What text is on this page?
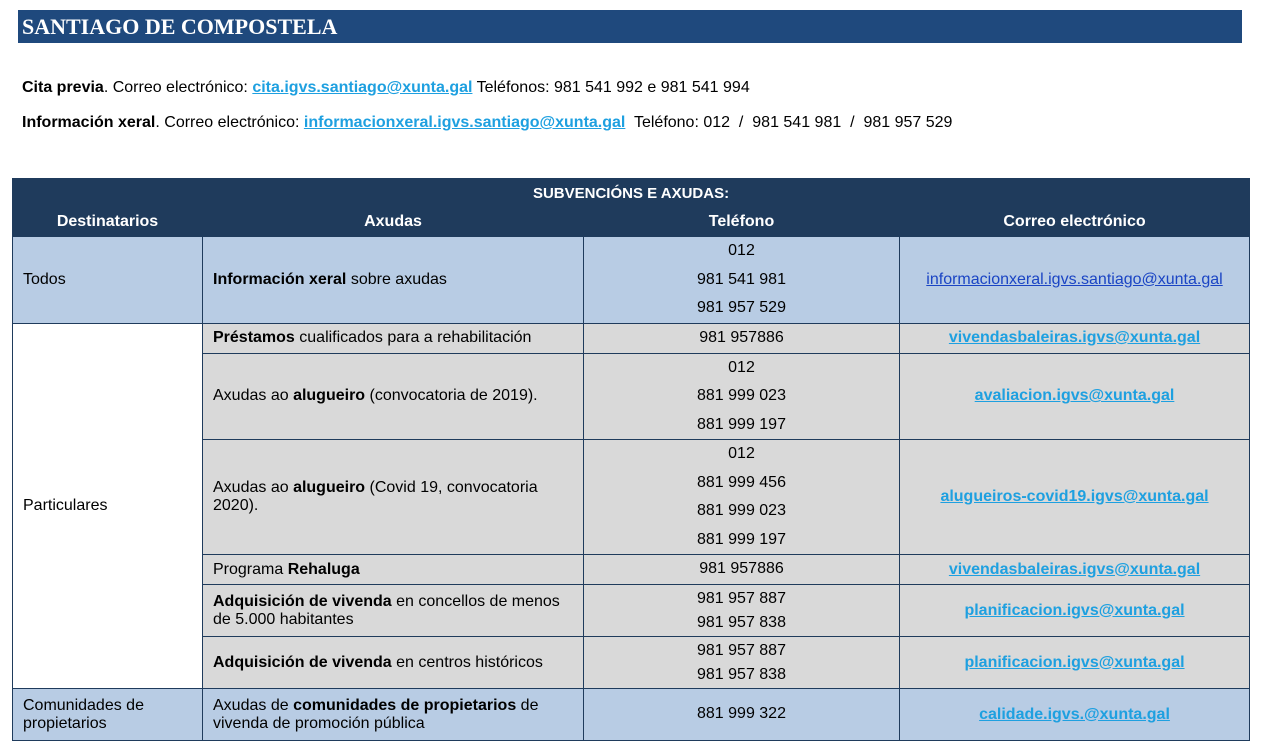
SANTIAGO DE COMPOSTELA
Cita previa. Correo electrónico: cita.igvs.santiago@xunta.gal Teléfonos: 981 541 992 e 981 541 994
Información xeral. Correo electrónico: informacionxeral.igvs.santiago@xunta.gal  Teléfono: 012  /  981 541 981  /  981 957 529
SUBVENCIÓNS E AXUDAS:			
Destinatarios	Axudas	Teléfono	Correo electrónico
Todos	Información xeral sobre axudas	012
981 541 981
981 957 529	informacionxeral.igvs.santiago@xunta.gal
Particulares	Préstamos cualificados para a rehabilitación	981 957886	vivendasbaleiras.igvs@xunta.gal
	Axudas ao alugueiro (convocatoria de 2019).	012
881 999 023
881 999 197	avaliacion.igvs@xunta.gal
	Axudas ao alugueiro (Covid 19, convocatoria 2020).	012
881 999 456
881 999 023
881 999 197	alugueiros-covid19.igvs@xunta.gal
	Programa Rehaluga	981 957886	vivendasbaleiras.igvs@xunta.gal
	Adquisición de vivenda en concellos de menos de 5.000 habitantes	981 957 887
981 957 838	planificacion.igvs@xunta.gal
	Adquisición de vivenda en centros históricos	981 957 887
981 957 838	planificacion.igvs@xunta.gal
Comunidades de propietarios	Axudas de comunidades de propietarios de vivenda de promoción pública	881 999 322	calidade.igvs.@xunta.gal
